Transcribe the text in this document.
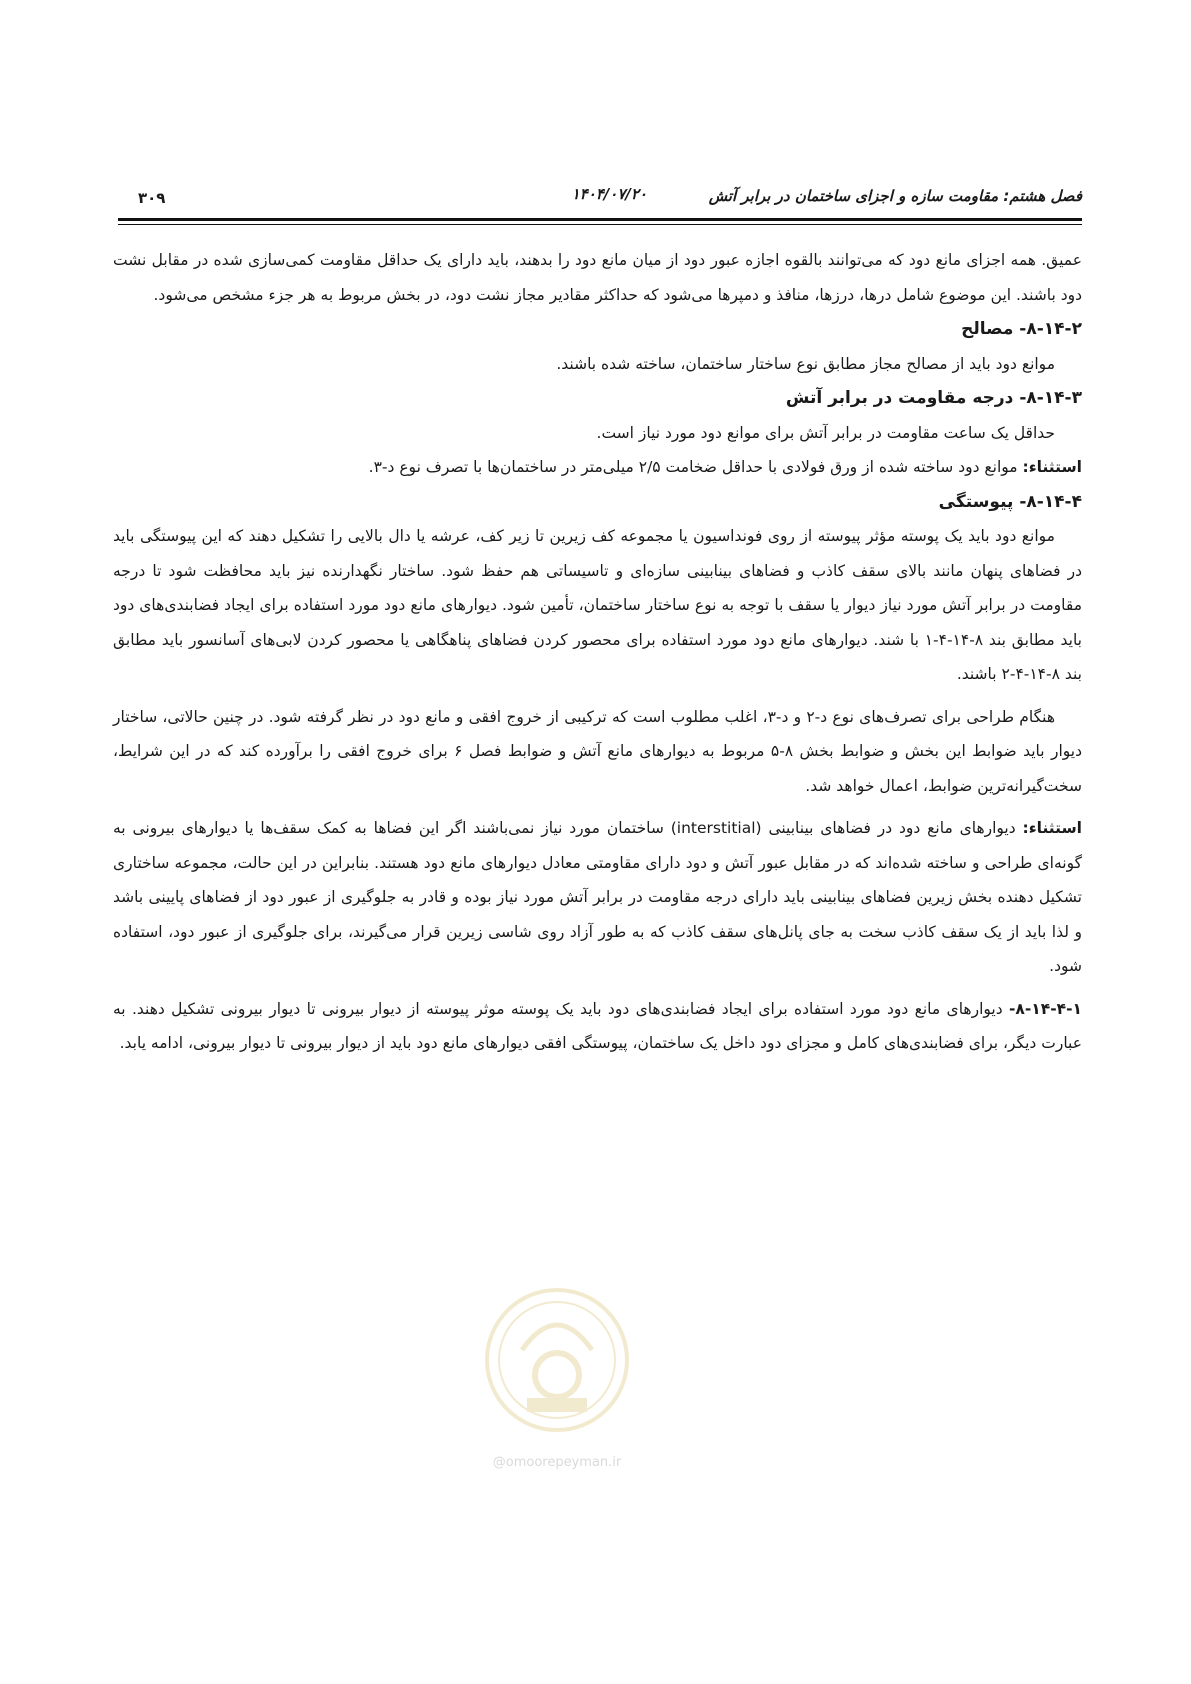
فصل هشتم: مقاومت سازه و اجزای ساختمان در برابر آتش
۱۴۰۴/۰۷/۲۰
۳۰۹

عمیق. همه اجزای مانع دود که می‌توانند بالقوه اجازه عبور دود از میان مانع دود را بدهند، باید دارای یک حداقل مقاومت کمی‌سازی شده در مقابل نشت دود باشند. این موضوع شامل درها، درزها، منافذ و دمپرها می‌شود که حداکثر مقادیر مجاز نشت دود، در بخش مربوط به هر جزء مشخص می‌شود.

۸-۱۴-۲- مصالح

موانع دود باید از مصالح مجاز مطابق نوع ساختار ساختمان، ساخته شده باشند.

۸-۱۴-۳- درجه مقاومت در برابر آتش

حداقل یک ساعت مقاومت در برابر آتش برای موانع دود مورد نیاز است.

استثناء: موانع دود ساخته شده از ورق فولادی با حداقل ضخامت ۲/۵ میلی‌متر در ساختمان‌ها با تصرف نوع د-۳.

۸-۱۴-۴- پیوستگی

موانع دود باید یک پوسته مؤثر پیوسته از روی فونداسیون یا مجموعه کف زیرین تا زیر کف، عرشه یا دال بالایی را تشکیل دهند که این پیوستگی باید در فضاهای پنهان مانند بالای سقف کاذب و فضاهای بینابینی سازه‌ای و تاسیساتی هم حفظ شود. ساختار نگهدارنده نیز باید محافظت شود تا درجه مقاومت در برابر آتش مورد نیاز دیوار یا سقف با توجه به نوع ساختار ساختمان، تأمین شود. دیوارهای مانع دود مورد استفاده برای ایجاد فضابندی‌های دود باید مطابق بند ۸-۱۴-۴-۱ با شند. دیوارهای مانع دود مورد استفاده برای محصور کردن فضاهای پناهگاهی یا محصور کردن لابی‌های آسانسور باید مطابق بند ۸-۱۴-۴-۲ باشند.

هنگام طراحی برای تصرف‌های نوع د-۲ و د-۳، اغلب مطلوب است که ترکیبی از خروج افقی و مانع دود در نظر گرفته شود. در چنین حالاتی، ساختار دیوار باید ضوابط این بخش و ضوابط بخش ۸-۵ مربوط به دیوارهای مانع آتش و ضوابط فصل ۶ برای خروج افقی را برآورده کند که در این شرایط، سخت‌گیرانه‌ترین ضوابط، اعمال خواهد شد.

استثناء: دیوارهای مانع دود در فضاهای بینابینی (interstitial) ساختمان مورد نیاز نمی‌باشند اگر این فضاها به کمک سقف‌ها یا دیوارهای بیرونی به گونه‌ای طراحی و ساخته شده‌اند که در مقابل عبور آتش و دود دارای مقاومتی معادل دیوارهای مانع دود هستند. بنابراین در این حالت، مجموعه ساختاری تشکیل دهنده بخش زیرین فضاهای بینابینی باید دارای درجه مقاومت در برابر آتش مورد نیاز بوده و قادر به جلوگیری از عبور دود از فضاهای پایینی باشد و لذا باید از یک سقف کاذب سخت به جای پانل‌های سقف کاذب که به طور آزاد روی شاسی زیرین قرار می‌گیرند، برای جلوگیری از عبور دود، استفاده شود.

۸-۱۴-۴-۱- دیوارهای مانع دود مورد استفاده برای ایجاد فضابندی‌های دود باید یک پوسته موثر پیوسته از دیوار بیرونی تا دیوار بیرونی تشکیل دهند. به عبارت دیگر، برای فضابندی‌های کامل و مجزای دود داخل یک ساختمان، پیوستگی افقی دیوارهای مانع دود باید از دیوار بیرونی تا دیوار بیرونی، ادامه یابد.

@omoorepeyman.ir
